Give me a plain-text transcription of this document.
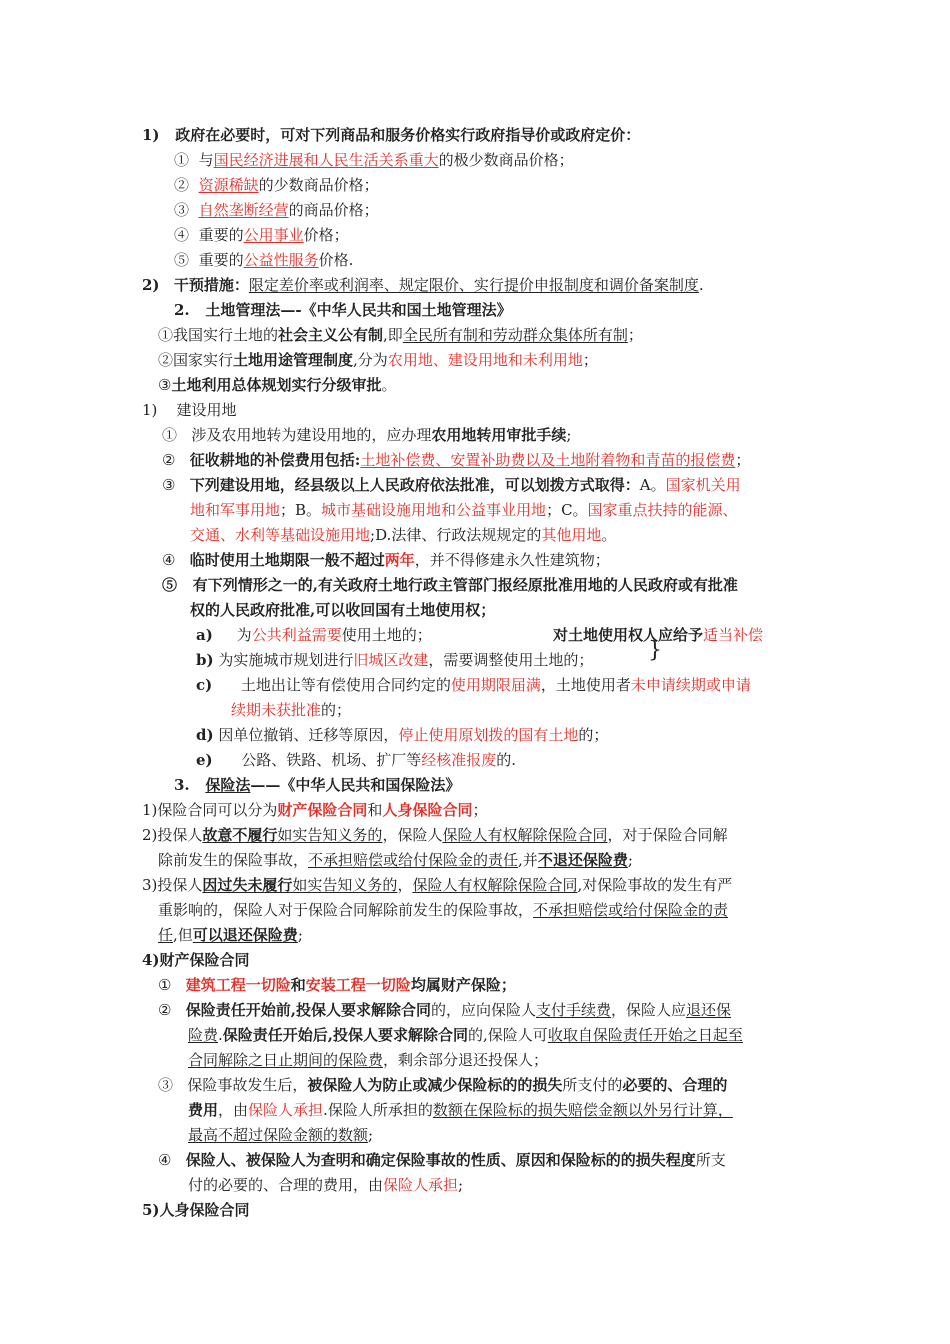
1) 政府在必要时，可对下列商品和服务价格实行政府指导价或政府定价：
① 与国民经济进展和人民生活关系重大的极少数商品价格；
② 资源稀缺的少数商品价格；
③ 自然垄断经营的商品价格；
④ 重要的公用事业价格；
⑤ 重要的公益性服务价格.
2) 干预措施：限定差价率或利润率、规定限价、实行提价申报制度和调价备案制度.
2. 土地管理法—-《中华人民共和国土地管理法》
①我国实行土地的社会主义公有制,即全民所有制和劳动群众集体所有制；
②国家实行土地用途管理制度,分为农用地、建设用地和未利用地；
③土地利用总体规划实行分级审批。
1) 建设用地
① 涉及农用地转为建设用地的，应办理农用地转用审批手续;
② 征收耕地的补偿费用包括:土地补偿费、安置补助费以及土地附着物和青苗的报偿费；
③ 下列建设用地，经县级以上人民政府依法批准，可以划拨方式取得：A。国家机关用
地和军事用地；B。城市基础设施用地和公益事业用地；C。国家重点扶持的能源、
交通、水利等基础设施用地;D.法律、行政法规规定的其他用地。
④ 临时使用土地期限一般不超过两年，并不得修建永久性建筑物；
⑤ 有下列情形之一的,有关政府土地行政主管部门报经原批准用地的人民政府或有批准
权的人民政府批准,可以收回国有土地使用权；
a) 为公共利益需要使用土地的；	对土地使用权人应给予适当补偿
}
b) 为实施城市规划进行旧城区改建，需要调整使用土地的；
c) 土地出让等有偿使用合同约定的使用期限届满，土地使用者未申请续期或申请
续期未获批准的；
d) 因单位撤销、迁移等原因，停止使用原划拨的国有土地的；
e) 公路、铁路、机场、扩厂等经核准报废的.
3. 保险法——《中华人民共和国保险法》
1)保险合同可以分为财产保险合同和人身保险合同；
2)投保人故意不履行如实告知义务的，保险人保险人有权解除保险合同，对于保险合同解
除前发生的保险事故，不承担赔偿或给付保险金的责任,并不退还保险费;
3)投保人因过失未履行如实告知义务的，保险人有权解除保险合同,对保险事故的发生有严
重影响的，保险人对于保险合同解除前发生的保险事故，不承担赔偿或给付保险金的责
任,但可以退还保险费;
4)财产保险合同
① 建筑工程一切险和安装工程一切险均属财产保险；
② 保险责任开始前,投保人要求解除合同的，应向保险人支付手续费，保险人应退还保
险费.保险责任开始后,投保人要求解除合同的,保险人可收取自保险责任开始之日起至
合同解除之日止期间的保险费，剩余部分退还投保人；
③ 保险事故发生后，被保险人为防止或减少保险标的的损失所支付的必要的、合理的
费用，由保险人承担.保险人所承担的数额在保险标的损失赔偿金额以外另行计算，
最高不超过保险金额的数额;
④ 保险人、被保险人为查明和确定保险事故的性质、原因和保险标的的损失程度所支
付的必要的、合理的费用，由保险人承担;
5)人身保险合同
